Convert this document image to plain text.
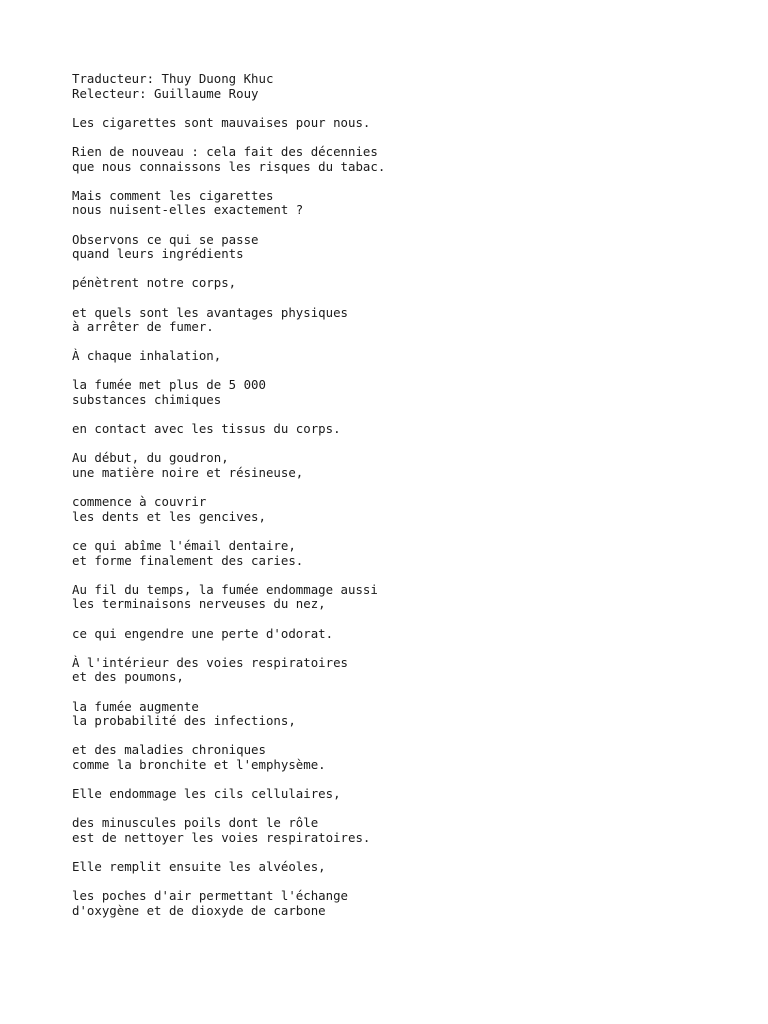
Traducteur: Thuy Duong Khuc
Relecteur: Guillaume Rouy
Les cigarettes sont mauvaises pour nous.
Rien de nouveau : cela fait des décennies
que nous connaissons les risques du tabac.
Mais comment les cigarettes
nous nuisent-elles exactement ?
Observons ce qui se passe
quand leurs ingrédients
pénètrent notre corps,
et quels sont les avantages physiques
à arrêter de fumer.
À chaque inhalation,
la fumée met plus de 5 000
substances chimiques
en contact avec les tissus du corps.
Au début, du goudron,
une matière noire et résineuse,
commence à couvrir
les dents et les gencives,
ce qui abîme l'émail dentaire,
et forme finalement des caries.
Au fil du temps, la fumée endommage aussi
les terminaisons nerveuses du nez,
ce qui engendre une perte d'odorat.
À l'intérieur des voies respiratoires
et des poumons,
la fumée augmente
la probabilité des infections,
et des maladies chroniques
comme la bronchite et l'emphysème.
Elle endommage les cils cellulaires,
des minuscules poils dont le rôle
est de nettoyer les voies respiratoires.
Elle remplit ensuite les alvéoles,
les poches d'air permettant l'échange
d'oxygène et de dioxyde de carbone
